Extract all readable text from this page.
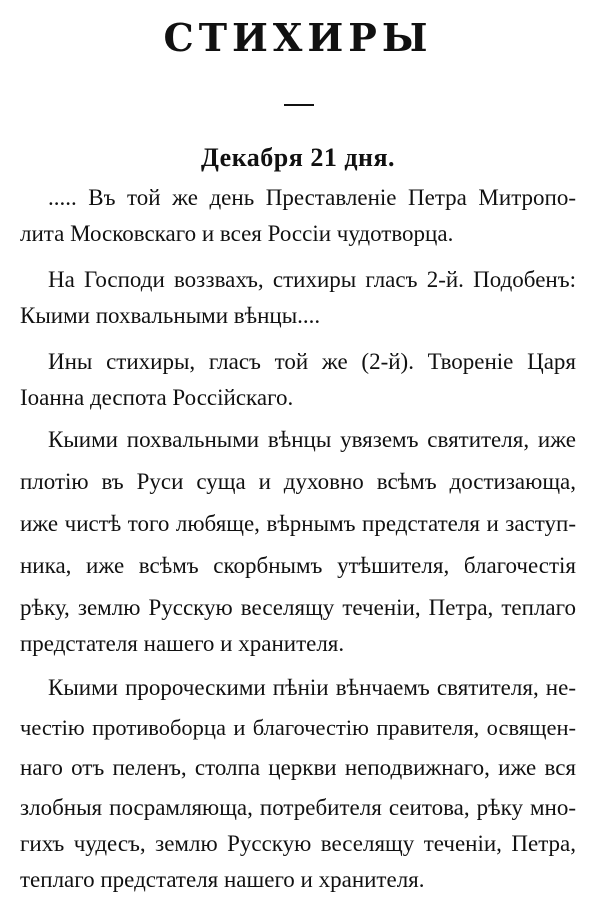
СТИХИРЫ
Декабря 21 дня.
..... Въ той же день Преставленіе Петра Митропо-
лита Московскаго и всея Россіи чудотворца.
На Господи воззвахъ, стихиры гласъ 2-й. Подобенъ:
Кыими похвальными вѣнцы....
Ины стихиры, гласъ той же (2-й). Творенiе Царя
Іоанна деспота Россійскаго.
Кыими похвальными вѣнцы увяземъ святителя, иже
плотію въ Руси суща и духовно всѣмъ достизающа,
иже чистѣ того любяще, вѣрнымъ предстателя и заступ-
ника, иже всѣмъ скорбнымъ утѣшителя, благочестія
рѣку, землю Русскую веселящу теченіи, Петра, теплаго
предстателя нашего и хранителя.
Кыими пророческими пѣніи вѣнчаемъ святителя, не-
честію противоборца и благочестію правителя, освящен-
наго отъ пеленъ, столпа церкви неподвижнаго, иже вся
злобныя посрамляюща, потребителя сеитова, рѣку мно-
гихъ чудесъ, землю Русскую веселящу теченіи, Петра,
теплаго предстателя нашего и хранителя.
